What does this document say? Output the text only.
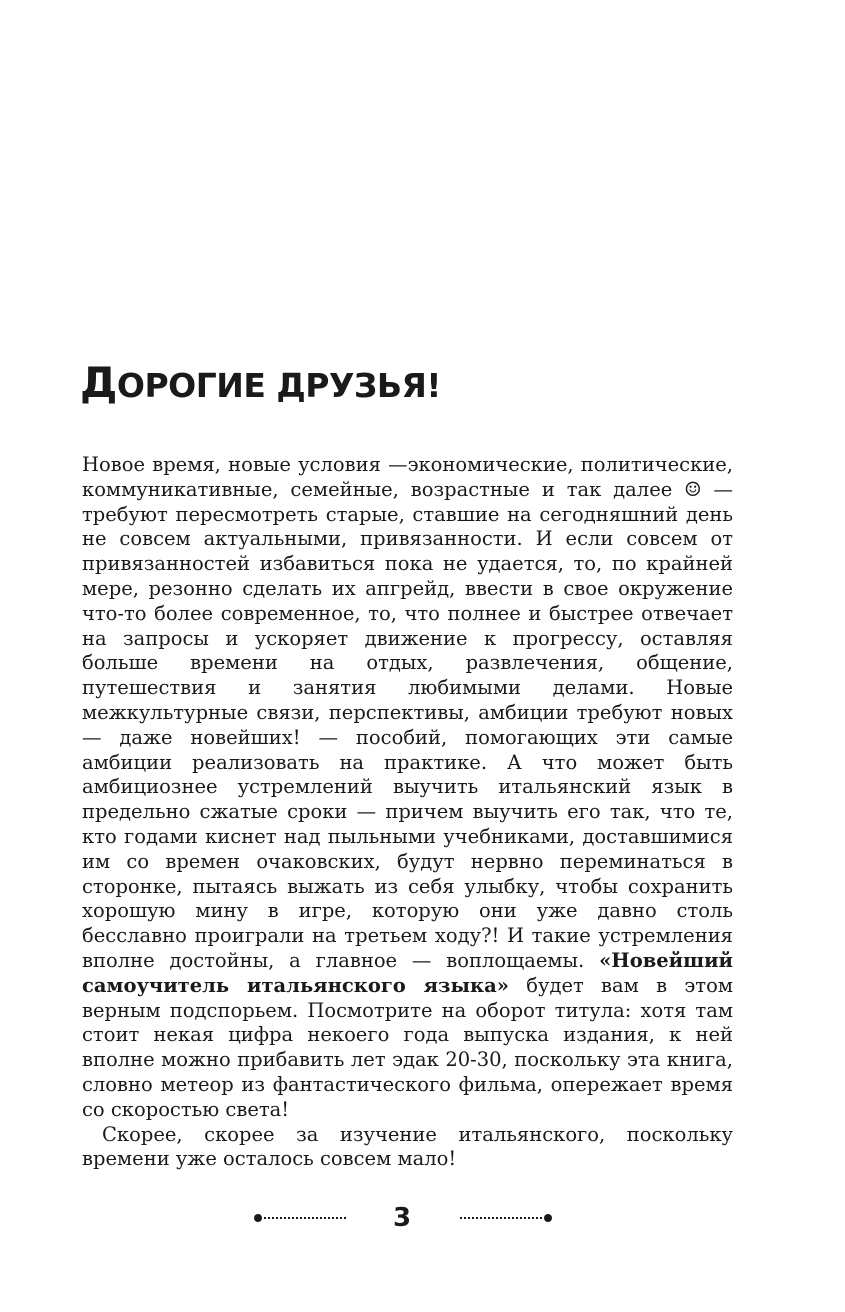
ДОРОГИЕ ДРУЗЬЯ!

Новое время, новые условия —экономические, политические, коммуникативные, семейные, возрастные и так далее ☺ — требуют пересмотреть старые, ставшие на сегодняшний день не совсем актуальными, привязанности. И если совсем от привязанностей избавиться пока не удается, то, по крайней мере, резонно сделать их апгрейд, ввести в свое окружение что-то более современное, то, что полнее и быстрее отвечает на запросы и ускоряет движение к прогрессу, оставляя больше времени на отдых, развлечения, общение, путешествия и занятия любимыми делами. Новые межкультурные связи, перспективы, амбиции требуют новых — даже новейших! — пособий, помогающих эти самые амбиции реализовать на практике. А что может быть амбициознее устремлений выучить итальянский язык в предельно сжатые сроки — причем выучить его так, что те, кто годами киснет над пыльными учебниками, доставшимися им со времен очаковских, будут нервно переминаться в сторонке, пытаясь выжать из себя улыбку, чтобы сохранить хорошую мину в игре, которую они уже давно столь бесславно проиграли на третьем ходу?! И такие устремления вполне достойны, а главное — воплощаемы. «Новейший самоучитель итальянского языка» будет вам в этом верным подспорьем. Посмотрите на оборот титула: хотя там стоит некая цифра некоего года выпуска издания, к ней вполне можно прибавить лет эдак 20-30, поскольку эта книга, словно метеор из фантастического фильма, опережает время со скоростью света!

Скорее, скорее за изучение итальянского, поскольку времени уже осталось совсем мало!

3
